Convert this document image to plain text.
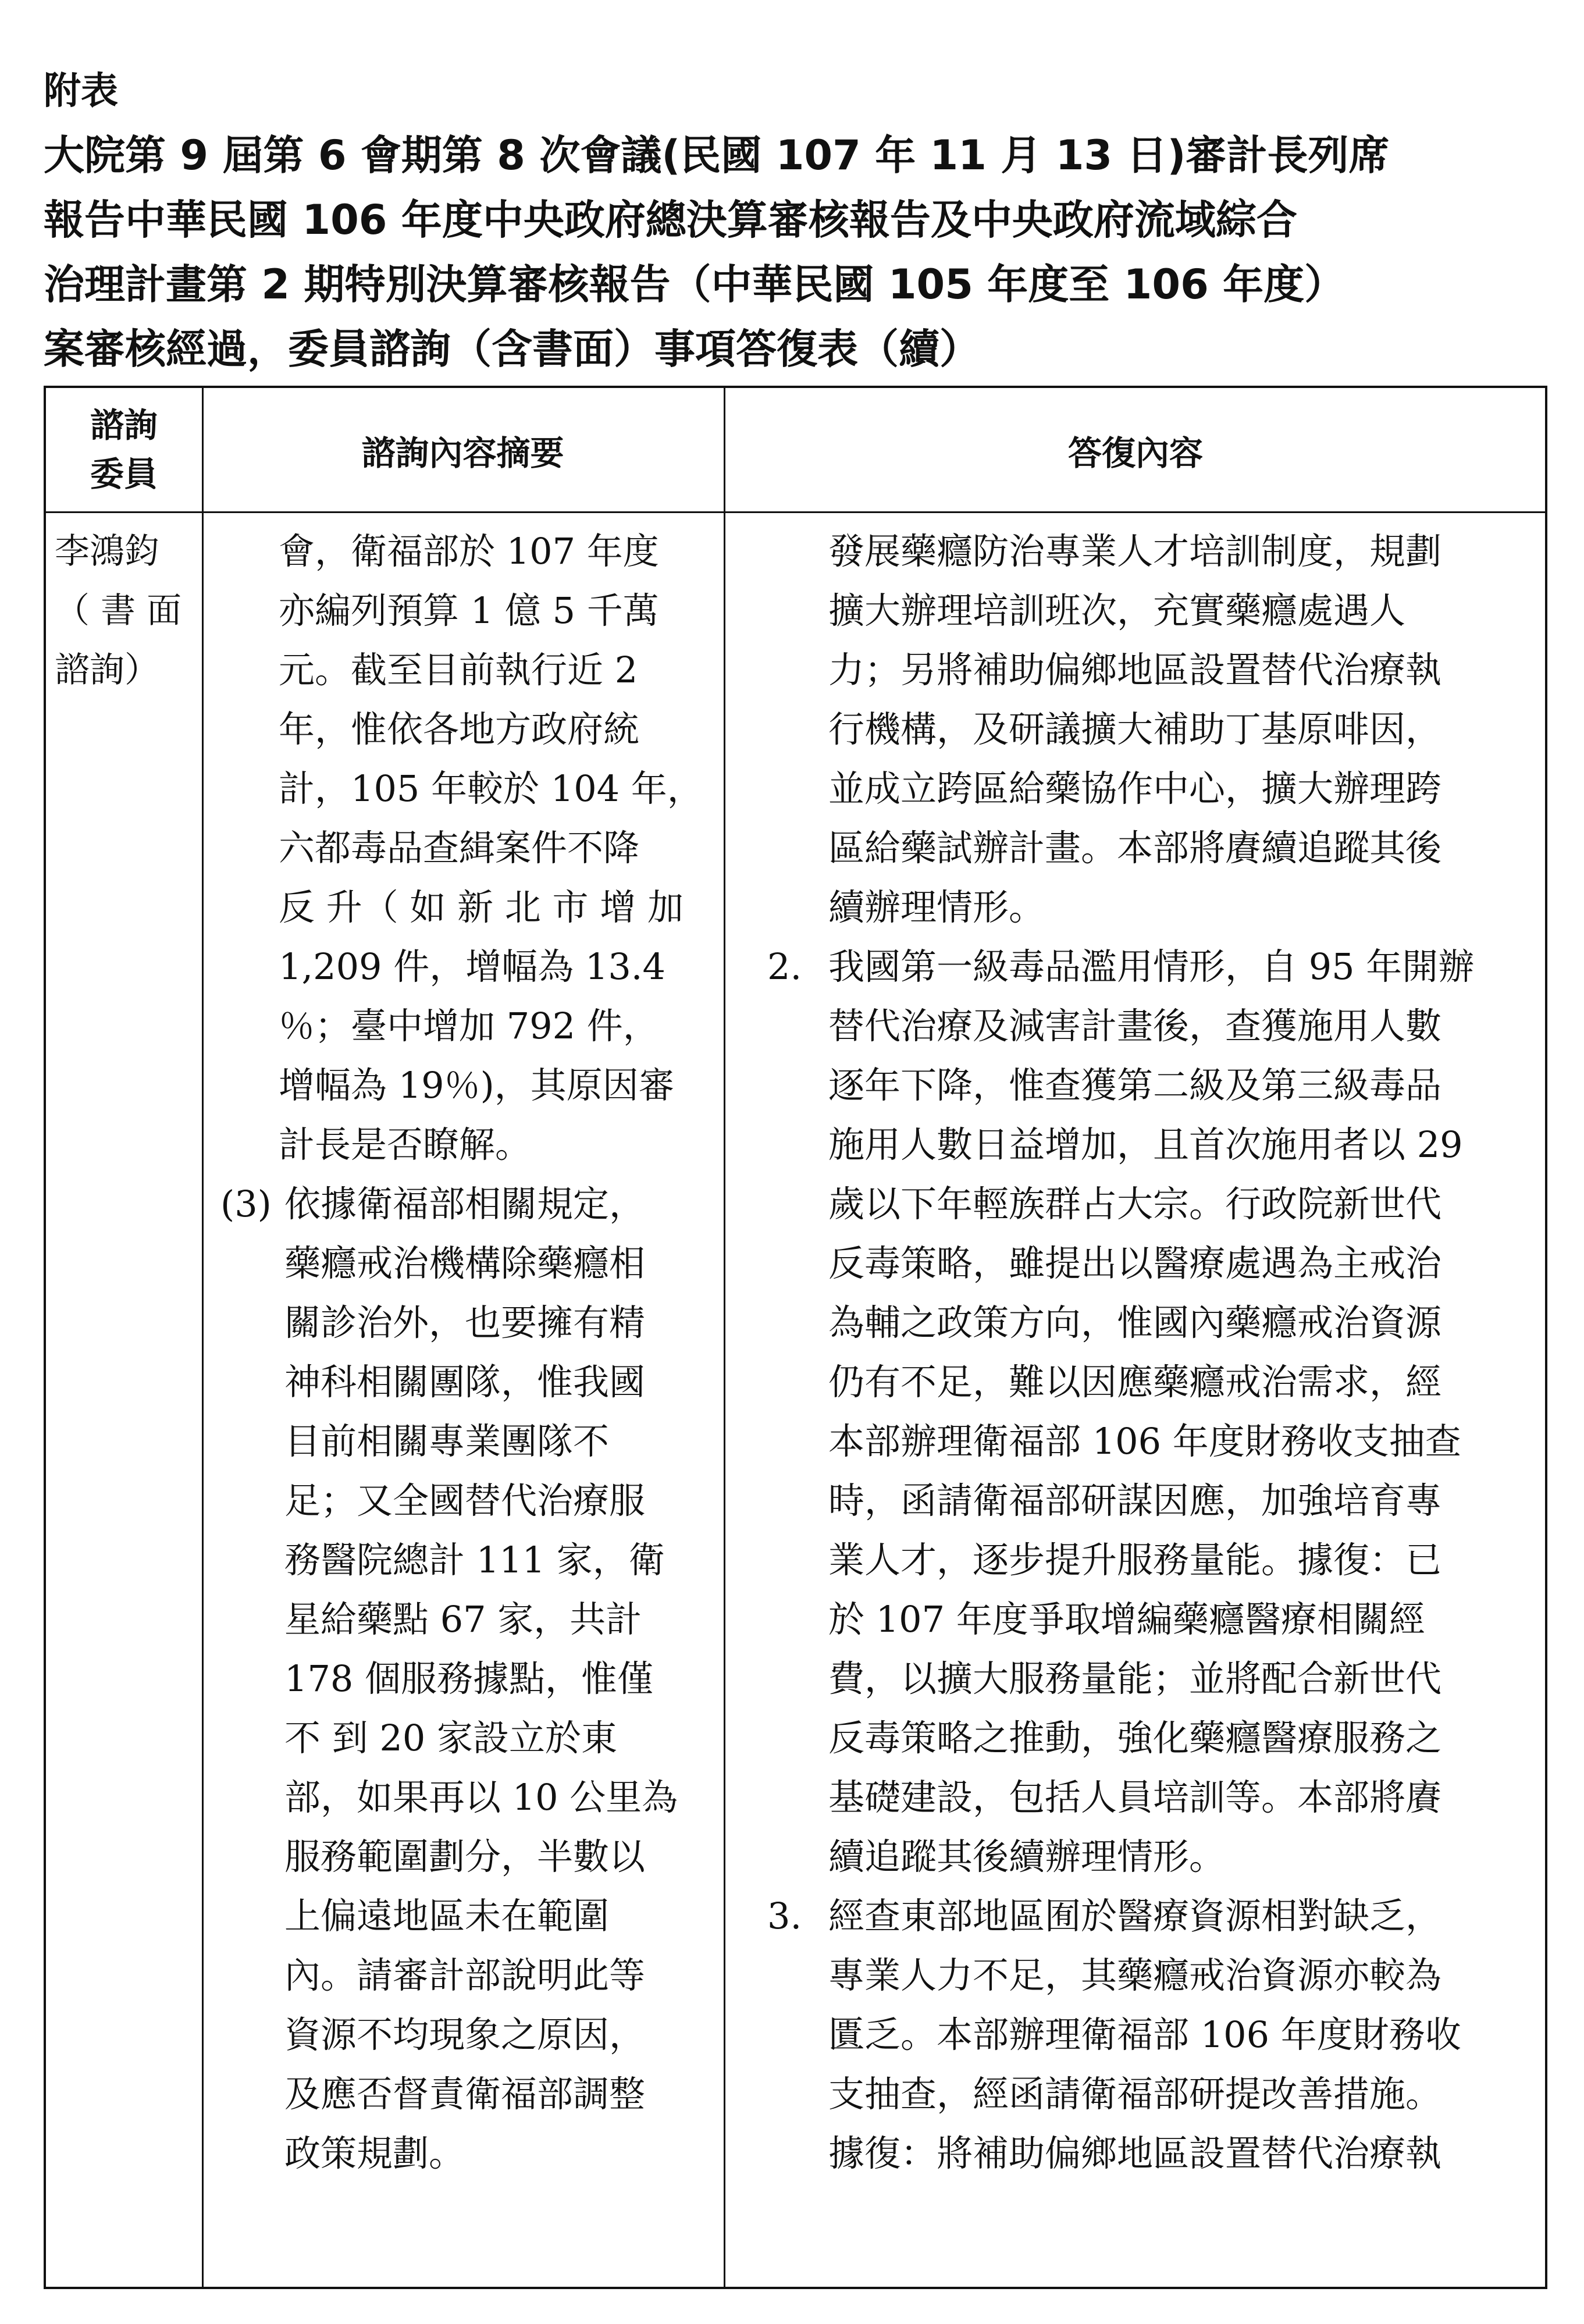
附表
大院第 9 屆第 6 會期第 8 次會議(民國 107 年 11 月 13 日)審計長列席
報告中華民國 106 年度中央政府總決算審核報告及中央政府流域綜合
治理計畫第 2 期特別決算審核報告（中華民國 105 年度至 106 年度）
案審核經過，委員諮詢（含書面）事項答復表（續）
諮詢
委員
諮詢內容摘要	答復內容
李鴻鈞
（ 書 面
諮詢）
會，衛福部於 107 年度
亦編列預算 1 億 5 千萬
元。截至目前執行近 2
年，惟依各地方政府統
計，105 年較於 104 年，
六都毒品查緝案件不降
反 升（ 如 新 北 市 增 加
1,209 件，增幅為 13.4
％；臺中增加 792 件，
增幅為 19％)，其原因審
計長是否瞭解。
(3) 依據衛福部相關規定，
藥癮戒治機構除藥癮相
關診治外，也要擁有精
神科相關團隊，惟我國
目前相關專業團隊不
足；又全國替代治療服
務醫院總計 111 家，衛
星給藥點 67 家，共計
178 個服務據點，惟僅
不 到 20 家設立於東
部，如果再以 10 公里為
服務範圍劃分，半數以
上偏遠地區未在範圍
內。請審計部說明此等
資源不均現象之原因，
及應否督責衛福部調整
政策規劃。
發展藥癮防治專業人才培訓制度，規劃
擴大辦理培訓班次，充實藥癮處遇人
力；另將補助偏鄉地區設置替代治療執
行機構，及研議擴大補助丁基原啡因，
並成立跨區給藥協作中心，擴大辦理跨
區給藥試辦計畫。本部將賡續追蹤其後
續辦理情形。
2. 我國第一級毒品濫用情形，自 95 年開辦
替代治療及減害計畫後，查獲施用人數
逐年下降，惟查獲第二級及第三級毒品
施用人數日益增加，且首次施用者以 29
歲以下年輕族群占大宗。行政院新世代
反毒策略，雖提出以醫療處遇為主戒治
為輔之政策方向，惟國內藥癮戒治資源
仍有不足，難以因應藥癮戒治需求，經
本部辦理衛福部 106 年度財務收支抽查
時，函請衛福部研謀因應，加強培育專
業人才，逐步提升服務量能。據復：已
於 107 年度爭取增編藥癮醫療相關經
費，以擴大服務量能；並將配合新世代
反毒策略之推動，強化藥癮醫療服務之
基礎建設，包括人員培訓等。本部將賡
續追蹤其後續辦理情形。
3. 經查東部地區囿於醫療資源相對缺乏，
專業人力不足，其藥癮戒治資源亦較為
匱乏。本部辦理衛福部 106 年度財務收
支抽查，經函請衛福部研提改善措施。
據復：將補助偏鄉地區設置替代治療執
